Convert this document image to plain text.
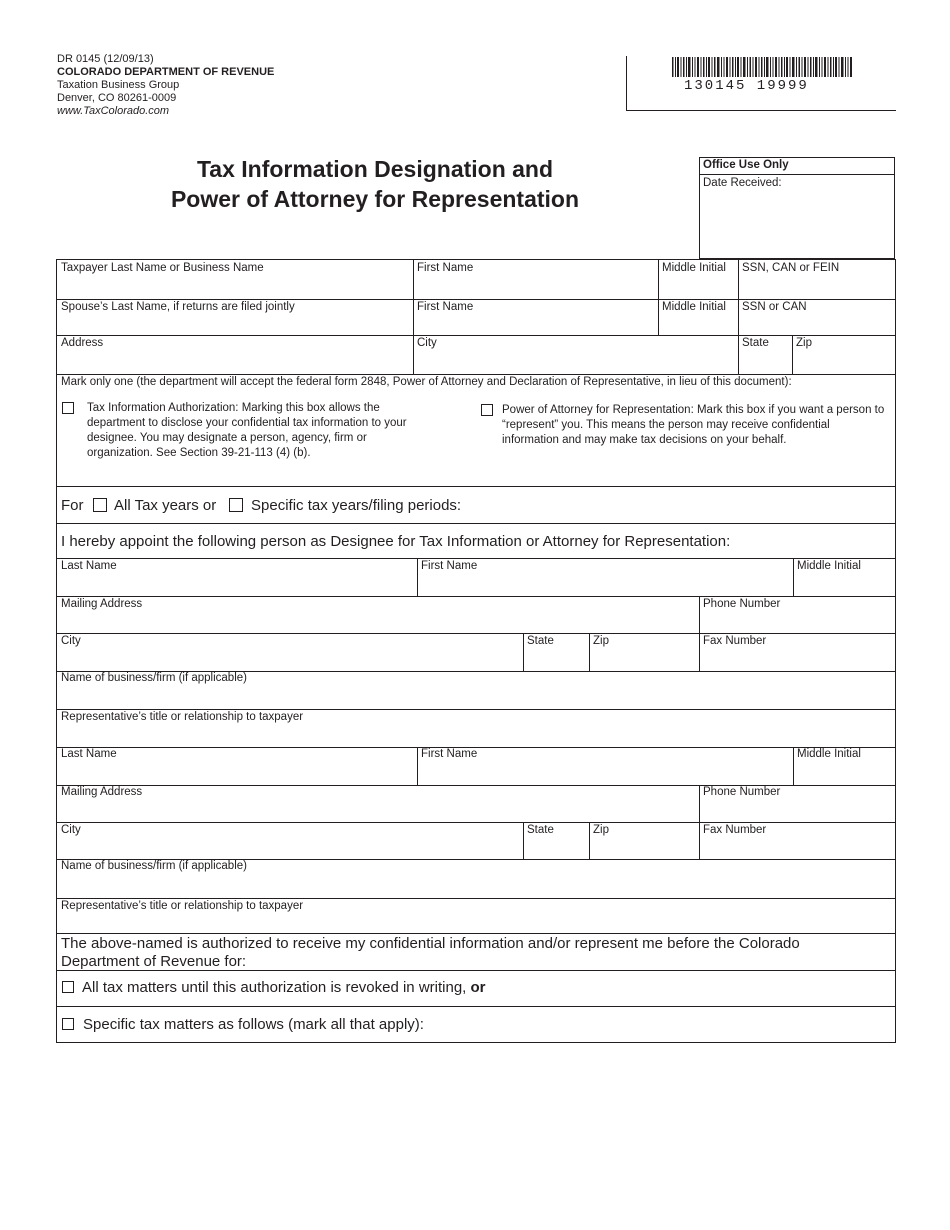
DR 0145 (12/09/13)
COLORADO DEPARTMENT OF REVENUE
Taxation Business Group
Denver, CO 80261-0009
www.TaxColorado.com
130145 19999
Tax Information Designation and
Power of Attorney for Representation
Office Use Only
Date Received:
Taxpayer Last Name or Business Name	First Name	Middle Initial SSN, CAN or FEIN
Spouse’s Last Name, if returns are filed jointly	First Name	Middle Initial SSN or CAN
Address	City	State Zip
Mark only one (the department will accept the federal form 2848, Power of Attorney and Declaration of Representative, in lieu of this document):
Tax Information Authorization: Marking this box allows the department to disclose your confidential tax information to your designee. You may designate a person, agency, firm or organization. See Section 39-21-113 (4) (b).
Power of Attorney for Representation: Mark this box if you want a person to “represent” you. This means the person may receive confidential information and may make tax decisions on your behalf.
For All Tax years or Specific tax years/filing periods:
I hereby appoint the following person as Designee for Tax Information or Attorney for Representation:
Last Name	First Name	Middle Initial
Mailing Address	Phone Number
City	State	Zip	Fax Number
Name of business/firm (if applicable)
Representative’s title or relationship to taxpayer
Last Name	First Name	Middle Initial
Mailing Address	Phone Number
City	State	Zip	Fax Number
Name of business/firm (if applicable)
Representative’s title or relationship to taxpayer
The above-named is authorized to receive my confidential information and/or represent me before the Colorado Department of Revenue for:
All tax matters until this authorization is revoked in writing, or
Specific tax matters as follows (mark all that apply):
